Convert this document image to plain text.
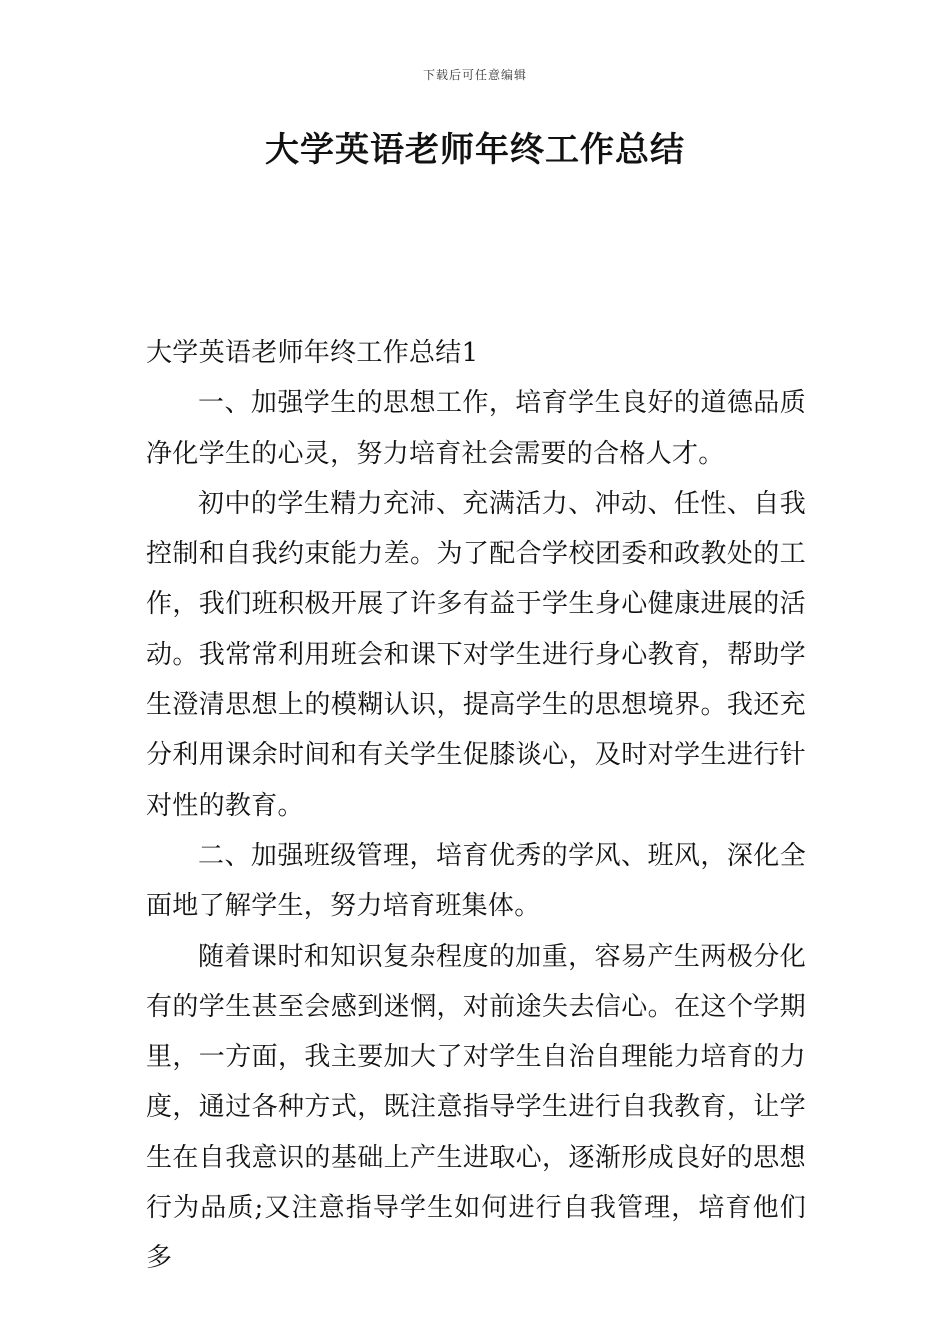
下载后可任意编辑
大学英语老师年终工作总结

大学英语老师年终工作总结1

一、加强学生的思想工作，培育学生良好的道德品质净化学生的心灵，努力培育社会需要的合格人才。

初中的学生精力充沛、充满活力、冲动、任性、自我控制和自我约束能力差。为了配合学校团委和政教处的工作，我们班积极开展了许多有益于学生身心健康进展的活动。我常常利用班会和课下对学生进行身心教育，帮助学生澄清思想上的模糊认识，提高学生的思想境界。我还充分利用课余时间和有关学生促膝谈心，及时对学生进行针对性的教育。

二、加强班级管理，培育优秀的学风、班风，深化全面地了解学生，努力培育班集体。

随着课时和知识复杂程度的加重，容易产生两极分化有的学生甚至会感到迷惘，对前途失去信心。在这个学期里，一方面，我主要加大了对学生自治自理能力培育的力度，通过各种方式，既注意指导学生进行自我教育，让学生在自我意识的基础上产生进取心，逐渐形成良好的思想行为品质;又注意指导学生如何进行自我管理，培育他们多
